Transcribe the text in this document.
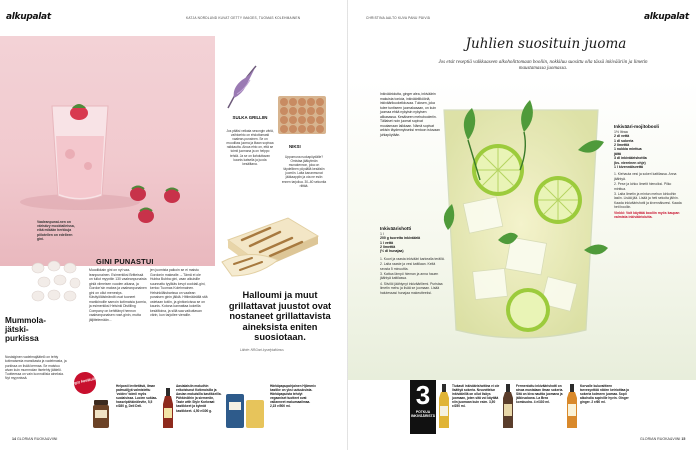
alkupalat	KATJA NORDLUND KUVAT GETTY IMAGES, TUOMAS KOLEHMAINEN
Vaaleanpunai-nen on värisävy mocktaileissa, eikä mikään herkkuja piilotellen on edelleen gini.
SULKA GRILLIIN
Jos pitäisi veikata sesongin väriä, vaihtoehto on ehdottomasti vaalean-punainen. Se on muodikas juoma ja iltaan sopivaa raikkautta. Ainoa ehto on, että se toimii juomana ja on helppo tehdä. Ja se on ilahduttavan kaunis katsella ja juoda kesäiltana.
NIKSI
Uppomuna ruokapöydälle? Omistaa jääkylmän munakennon, joka on täydellinen pöydällä kesäisiin juomiin. Laita kananmunat jääkaappiin ja ota ne esiin ennen tarjoilua. 30–60 sekuntia riittää.
GINI PUNASTUI
Muodikkain gini on nyt vaa-leanpunainen. Esimerkiksi Britteissä on tullut myyntiin 130 vaaleanpunaista giniä viimeisen vuoden aikana, ja Gordon'sin makea ja vaaleanpunainen gini on ollut menestys. Käsityöläisbrändit ovat tuoneet markkinoille samoin kotimaisia juomia, ja esimerkiksi Helsinki Distilling Company on kehittänyt hennon vaaleanpunaisen rosé-ginin, mutta jäljittelemään...
jen juomista paikoin se ei maistu Gordonin makealle. – Tämä ei ole Hubba Bubba gini, vaan aikuisille suunnattu tyylikäs kevyt cocktail-gini, kertoo Tuomas Kolehmainen. Helsinkiläisbarissa on vaalean punaisen ginin jälkiä. Hittimäärällä sitä ostetaan kotiin, ja ginitonicissa se on kaunis. Kotona kannattaa kokeilla kesäiltoina, ja sillä saa vaikuttavan värin, kun tarjoilee vieraille.
Halloumi ja muut grillattavat juustot ovat nostaneet grillattavista aineksista eniten suosiotaan.
Lähde: NRGoni-kyselytutkimus
Mummola-jätski-purkissa
Nostalginen vadelmajäätelö on tehty kotimaisesta mansikasta ja vadelmasta, ja purkissa on lisää kermaa. Se maistuu aivan kuin mummolan itsetehty jäätelö. Tuotteessa on vain luonnollisia aineksia. Nyt myynnissä.	gry kesätuli
Helposti levitettävä, ilman palmuöljyä valmistettu 'voidex' toimii myös suolaisissa. Lucien suklaa-hasselpähkinälevite, 5,5 e/280 g, Deli Deli.
Aasialaisiin makuihin erikoistunut Kotimaisilla ja Aasian makuisilla kastikkeilla. Pähkinöihin ja siemeniin, Taste with Style Korkeaat kastikkeet ja kylmät kastikkeet. 4,50 e/300 g.
Härkäpapupohjainen Hjömmix kastike on yksi uutuuksista. Härkäpapuista tehdyt vegaaniset tuotteet ovat vallanneet makumaailmaa. 2,15 e/500 ml.
14 GLORIAN RUOKA&VIINI
CHRISTINA AALTO KUVA PANU PÄIVIÄ	alkupalat
Juhlien suosituin juoma
Jos etsit reseptiä valkkaaseen alkoholittomaan booliin, nokkiluu suosittu olla tässä inkivääriin ja limetin maustamassa juomassa.
Inkivääriolutta, ginger alea, inkiväärin makuista tonicia, inkiväärilikööriä, inkiväärikuokeikkuvaa. Tulosen, joka tulee tuntiseen juomakasaan, on kuin juomaa ehkä nykyisin nykyisen alikasassa. Kesäiseen mehubooleriin. Tällaiset noin juomat sopivat muutamaan laikkaan. Nämä sopivat arkisin täydennykseksi rentoon istuvaan juhlapöytään.
Inkiväärishotti
1 l
200 g tuoretta inkivääriä
1 l vettä
2 limettiä
(½ dl hunajaa)
1. Kuori ja raasta inkivääri karkealla terällä.
2. Laita raaste ja vesi kattilaan. Keitä seosta 5 minuuttia.
3. Kattoa lämpö hieman ja anna hauen jäähtyä kattilassa.
4. Siivilöi jäähtynyt inkivääriliemi. Puristaa limetin mehu ja lisää se juomaan. Lisää halutessasi hunajaa makeutteeksi.
Inkivääri-mojitobooli
1½ litraa
2 dl vettä
1 dl sokeria
2 limettiä
1 nukkia minttua
jäitä
3 dl inkiväärishottia
(ks. viereinen ohje)
1 l kivennäisvettä
1. Kiehauta vesi ja sokeri kattilassa. Anna jäähtyä.
2. Pese ja lohko limetit hienoiksi. Pilko minttua.
3. Laita limetin ja mintun mehun lohkoihin lasiin. Lisää jää. Lisää ja heti sekoita jäihin. Kaada inkiväärishotti ja kivennäisvesi. Kaada heti booliin.
Vinkki: Voit käyttää booliin myös kaupan valmista inkivääriolutta.
3
POTKUA INKIVÄÄRISTÄ
Tiukasti inkiväärishottina ei ole lisättyä sokeria. Neuvottelun inkiväärillä on ollut lisäys juomaan, joten sitä voi käyttää niin juomaan kuin esim. 3,50 e/250 ml.
Fermentoitu inkiväärishotti on ainoa mustalaan ilman sokeria. Sitä on kiva nauttia juomana ja jälkiruokana. La Brea kombucha. 4 e/330 ml.
Korvalle kuluvaitteen tarvesynttöä niiden ketrioittaa ja sokeria kolmeen juomaa. Sopii alkoholia sopiville hyvin. Ginger ginger. 2 e/60 ml.
GLORIAN RUOKA&VIINI 15
